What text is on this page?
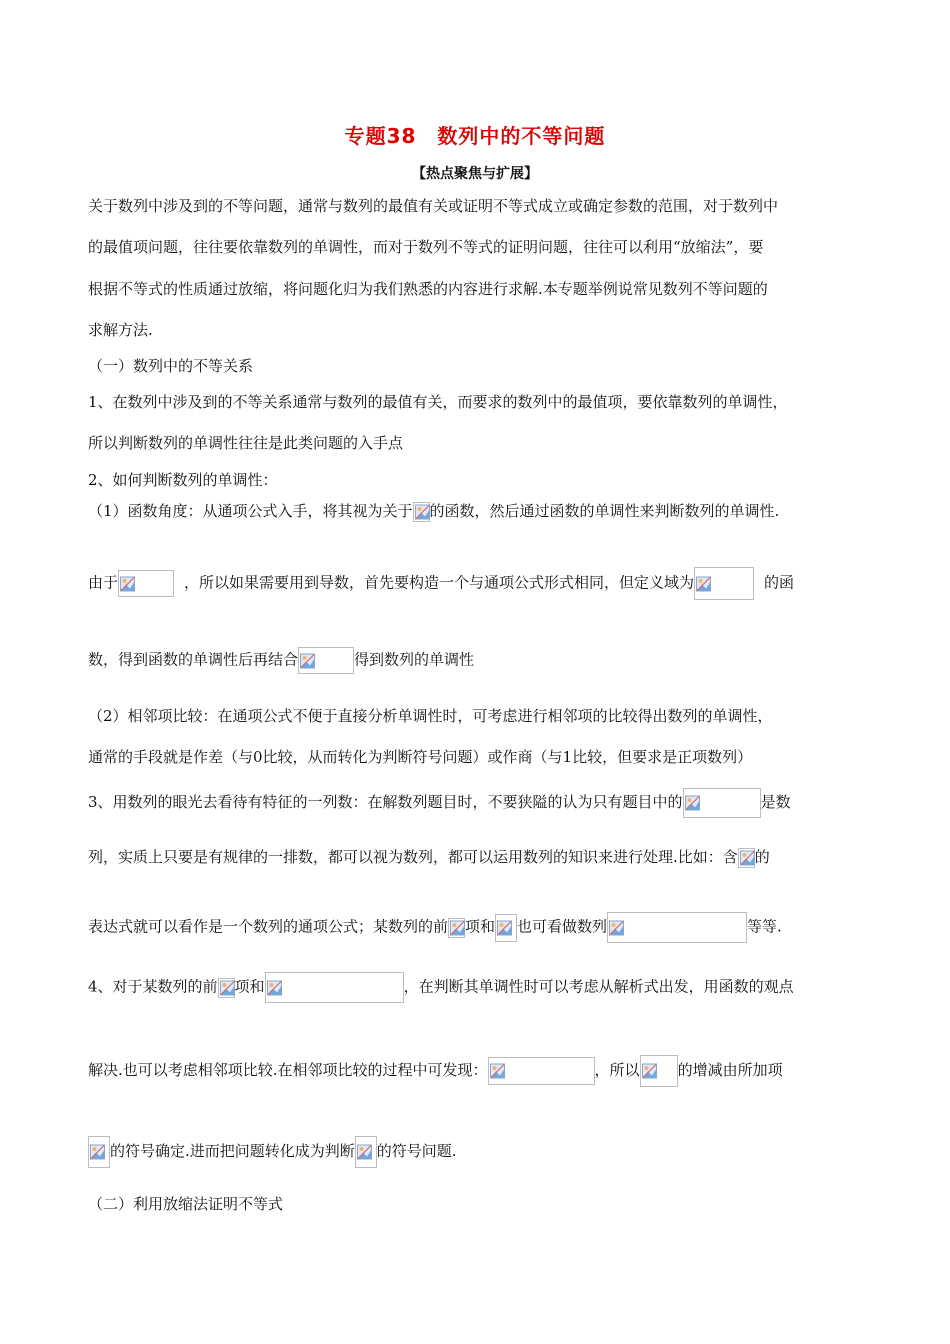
专题38　数列中的不等问题
【热点聚焦与扩展】
关于数列中涉及到的不等问题，通常与数列的最值有关或证明不等式成立或确定参数的范围，对于数列中
的最值项问题，往往要依靠数列的单调性，而对于数列不等式的证明问题，往往可以利用“放缩法”，要
根据不等式的性质通过放缩，将问题化归为我们熟悉的内容进行求解.本专题举例说常见数列不等问题的
求解方法.
（一）数列中的不等关系
1、在数列中涉及到的不等关系通常与数列的最值有关，而要求的数列中的最值项，要依靠数列的单调性，
所以判断数列的单调性往往是此类问题的入手点
2、如何判断数列的单调性：
（1）函数角度：从通项公式入手，将其视为关于 的函数，然后通过函数的单调性来判断数列的单调性.
由于	，所以如果需要用到导数，首先要构造一个与通项公式形式相同，但定义域为	的函
数，得到函数的单调性后再结合	得到数列的单调性
（2）相邻项比较：在通项公式不便于直接分析单调性时，可考虑进行相邻项的比较得出数列的单调性，
通常的手段就是作差（与0比较，从而转化为判断符号问题）或作商（与1比较，但要求是正项数列）
3、用数列的眼光去看待有特征的一列数：在解数列题目时，不要狭隘的认为只有题目中的	是数
列，实质上只要是有规律的一排数，都可以视为数列，都可以运用数列的知识来进行处理.比如：含 的
表达式就可以看作是一个数列的通项公式；某数列的前 项和 也可看做数列	等等.
4、对于某数列的前 项和	，在判断其单调性时可以考虑从解析式出发，用函数的观点
解决.也可以考虑相邻项比较.在相邻项比较的过程中可发现：	，所以	的增减由所加项
的符号确定.进而把问题转化成为判断 的符号问题.
（二）利用放缩法证明不等式
